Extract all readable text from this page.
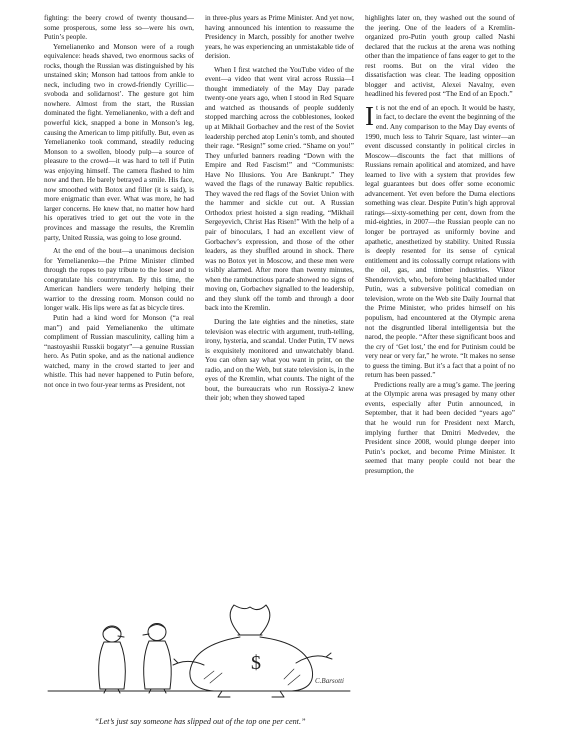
fighting: the beery crowd of twenty thousand—some prosperous, some less so—were his own, Putin’s people.

Yemelianenko and Monson were of a rough equivalence: heads shaved, two enormous sacks of rocks, though the Russian was distinguished by his unstained skin; Monson had tattoos from ankle to neck, including two in crowd-friendly Cyrillic—svoboda and solidarnost’. The gesture got him nowhere. Almost from the start, the Russian dominated the fight. Yemelianenko, with a deft and powerful kick, snapped a bone in Monson’s leg, causing the American to limp pitifully. But, even as Yemelianenko took command, steadily reducing Monson to a swollen, bloody pulp—a source of pleasure to the crowd—it was hard to tell if Putin was enjoying himself. The camera flashed to him now and then. He barely betrayed a smile. His face, now smoothed with Botox and filler (it is said), is more enigmatic than ever. What was more, he had larger concerns. He knew that, no matter how hard his operatives tried to get out the vote in the provinces and massage the results, the Kremlin party, United Russia, was going to lose ground.

At the end of the bout—a unanimous decision for Yemelianenko—the Prime Minister climbed through the ropes to pay tribute to the loser and to congratulate his countryman. By this time, the American handlers were tenderly helping their warrior to the dressing room. Monson could no longer walk. His lips were as fat as bicycle tires.

Putin had a kind word for Monson (“a real man”) and paid Yemelianenko the ultimate compliment of Russian masculinity, calling him a “nastoyashii Russkii bogatyr”—a genuine Russian hero. As Putin spoke, and as the national audience watched, many in the crowd started to jeer and whistle. This had never happened to Putin before, not once in two four-year terms as President, not

in three-plus years as Prime Minister. And yet now, having announced his intention to reassume the Presidency in March, possibly for another twelve years, he was experiencing an unmistakable tide of derision.

When I first watched the YouTube video of the event—a video that went viral across Russia—I thought immediately of the May Day parade twenty-one years ago, when I stood in Red Square and watched as thousands of people suddenly stopped marching across the cobblestones, looked up at Mikhail Gorbachev and the rest of the Soviet leadership perched atop Lenin’s tomb, and shouted their rage. “Resign!” some cried. “Shame on you!” They unfurled banners reading “Down with the Empire and Red Fascism!” and “Communists: Have No Illusions. You Are Bankrupt.” They waved the flags of the runaway Baltic republics. They waved the red flags of the Soviet Union with the hammer and sickle cut out. A Russian Orthodox priest hoisted a sign reading, “Mikhail Sergeyevich, Christ Has Risen!” With the help of a pair of binoculars, I had an excellent view of Gorbachev’s expression, and those of the other leaders, as they shuffled around in shock. There was no Botox yet in Moscow, and these men were visibly alarmed. After more than twenty minutes, when the rambunctious parade showed no signs of moving on, Gorbachev signalled to the leadership, and they slunk off the tomb and through a door back into the Kremlin.

During the late eighties and the nineties, state television was electric with argument, truth-telling, irony, hysteria, and scandal. Under Putin, TV news is exquisitely monitored and unwatchably bland. You can often say what you want in print, on the radio, and on the Web, but state television is, in the eyes of the Kremlin, what counts. The night of the bout, the bureaucrats who run Rossiya-2 knew their job; when they showed taped

highlights later on, they washed out the sound of the jeering. One of the leaders of a Kremlin-organized pro-Putin youth group called Nashi declared that the ruckus at the arena was nothing other than the impatience of fans eager to get to the rest rooms. But on the viral video the dissatisfaction was clear. The leading opposition blogger and activist, Alexei Navalny, even headlined his fevered post “The End of an Epoch.”

It is not the end of an epoch. It would be hasty, in fact, to declare the event the beginning of the end. Any comparison to the May Day events of 1990, much less to Tahrir Square, last winter—an event discussed constantly in political circles in Moscow—discounts the fact that millions of Russians remain apolitical and atomized, and have learned to live with a system that provides few legal guarantees but does offer some economic advancement. Yet even before the Duma elections something was clear. Despite Putin’s high approval ratings—sixty-something per cent, down from the mid-eighties, in 2007—the Russian people can no longer be portrayed as uniformly bovine and apathetic, anesthetized by stability. United Russia is deeply resented for its sense of cynical entitlement and its colossally corrupt relations with the oil, gas, and timber industries. Viktor Shenderovich, who, before being blackballed under Putin, was a subversive political comedian on television, wrote on the Web site Daily Journal that the Prime Minister, who prides himself on his populism, had encountered at the Olympic arena not the disgruntled liberal intelligentsia but the narod, the people. “After these significant boos and the cry of ‘Get lost,’ the end for Putinism could be very near or very far,” he wrote. “It makes no sense to guess the timing. But it’s a fact that a point of no return has been passed.”

Predictions really are a mug’s game. The jeering at the Olympic arena was presaged by many other events, especially after Putin announced, in September, that it had been decided “years ago” that he would run for President next March, implying further that Dmitri Medvedev, the President since 2008, would plunge deeper into Putin’s pocket, and become Prime Minister. It seemed that many people could not bear the presumption, the

$
C.Barsotti
“Let’s just say someone has slipped out of the top one per cent.”
